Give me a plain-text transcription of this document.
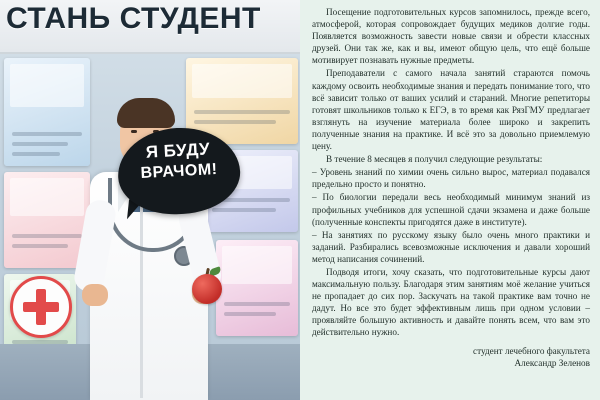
СТАНЬ СТУДЕНТ
Я БУДУ
ВРАЧОМ!

Посещение подготовительных курсов запомнилось, прежде всего, атмосферой, которая сопровождает будущих медиков долгие годы. Появляется возможность завести новые связи и обрести классных друзей. Они так же, как и вы, имеют общую цель, что ещё больше мотивирует познавать нужные предметы.

Преподаватели с самого начала занятий стараются помочь каждому освоить необходимые знания и передать понимание того, что всё зависит только от ваших усилий и стараний. Многие репетиторы готовят школьников только к ЕГЭ, в то время как РязГМУ предлагает взглянуть на изучение материала более широко и закрепить полученные знания на практике. И всё это за довольно приемлемую цену.

В течение 8 месяцев я получил следующие результаты:

– Уровень знаний по химии очень сильно вырос, материал подавался предельно просто и понятно.

– По биологии передали весь необходимый минимум знаний из профильных учебников для успешной сдачи экзамена и даже больше (полученные конспекты пригодятся даже в институте).

– На занятиях по русскому языку было очень много практики и заданий. Разбирались всевозможные исключения и давали хороший метод написания сочинений.

Подводя итоги, хочу сказать, что подготовительные курсы дают максимальную пользу. Благодаря этим занятиям моё желание учиться не пропадает до сих пор. Заскучать на такой практике вам точно не дадут. Но все это будет эффективным лишь при одном условии – проявляйте большую активность и давайте понять всем, что вам это действительно нужно.

студент лечебного факультета
Александр Зеленов
